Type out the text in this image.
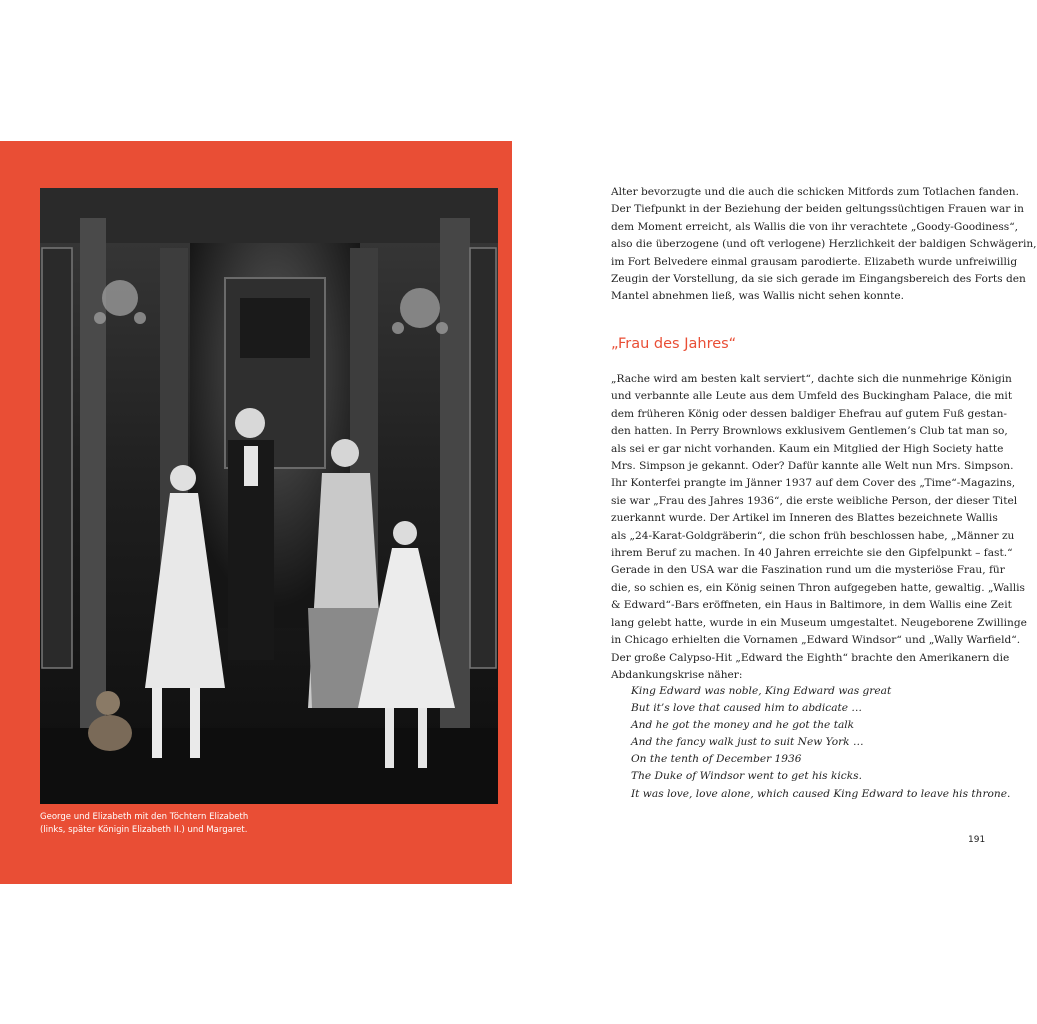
George und Elizabeth mit den Töchtern Elizabeth
(links, später Königin Elizabeth II.) und Margaret.
Alter bevorzugte und die auch die schicken Mitfords zum Totlachen fanden.
Der Tiefpunkt in der Beziehung der beiden geltungssüchtigen Frauen war in
dem Moment erreicht, als Wallis die von ihr verachtete „Goody-Goodiness“,
also die überzogene (und oft verlogene) Herzlichkeit der baldigen Schwägerin,
im Fort Belvedere einmal grausam parodierte. Elizabeth wurde unfreiwillig
Zeugin der Vorstellung, da sie sich gerade im Eingangsbereich des Forts den
Mantel abnehmen ließ, was Wallis nicht sehen konnte.
„Frau des Jahres“
„Rache wird am besten kalt serviert“, dachte sich die nunmehrige Königin
und verbannte alle Leute aus dem Umfeld des Buckingham Palace, die mit
dem früheren König oder dessen baldiger Ehefrau auf gutem Fuß gestan-
den hatten. In Perry Brownlows exklusivem Gentlemen’s Club tat man so,
als sei er gar nicht vorhanden. Kaum ein Mitglied der High Society hatte
Mrs. Simpson je gekannt. Oder? Dafür kannte alle Welt nun Mrs. Simpson.
Ihr Konterfei prangte im Jänner 1937 auf dem Cover des „Time“-Magazins,
sie war „Frau des Jahres 1936“, die erste weibliche Person, der dieser Titel
zuerkannt wurde. Der Artikel im Inneren des Blattes bezeichnete Wallis
als „24-Karat-Goldgräberin“, die schon früh beschlossen habe, „Männer zu
ihrem Beruf zu machen. In 40 Jahren erreichte sie den Gipfelpunkt – fast.“
Gerade in den USA war die Faszination rund um die mysteriöse Frau, für
die, so schien es, ein König seinen Thron aufgegeben hatte, gewaltig. „Wallis
& Edward“-Bars eröffneten, ein Haus in Baltimore, in dem Wallis eine Zeit
lang gelebt hatte, wurde in ein Museum umgestaltet. Neugeborene Zwillinge
in Chicago erhielten die Vornamen „Edward Windsor“ und „Wally Warfield“.
Der große Calypso-Hit „Edward the Eighth“ brachte den Amerikanern die
Abdankungskrise näher:
King Edward was noble, King Edward was great
But it’s love that caused him to abdicate …
And he got the money and he got the talk
And the fancy walk just to suit New York …
On the tenth of December 1936
The Duke of Windsor went to get his kicks.
It was love, love alone, which caused King Edward to leave his throne.
191
